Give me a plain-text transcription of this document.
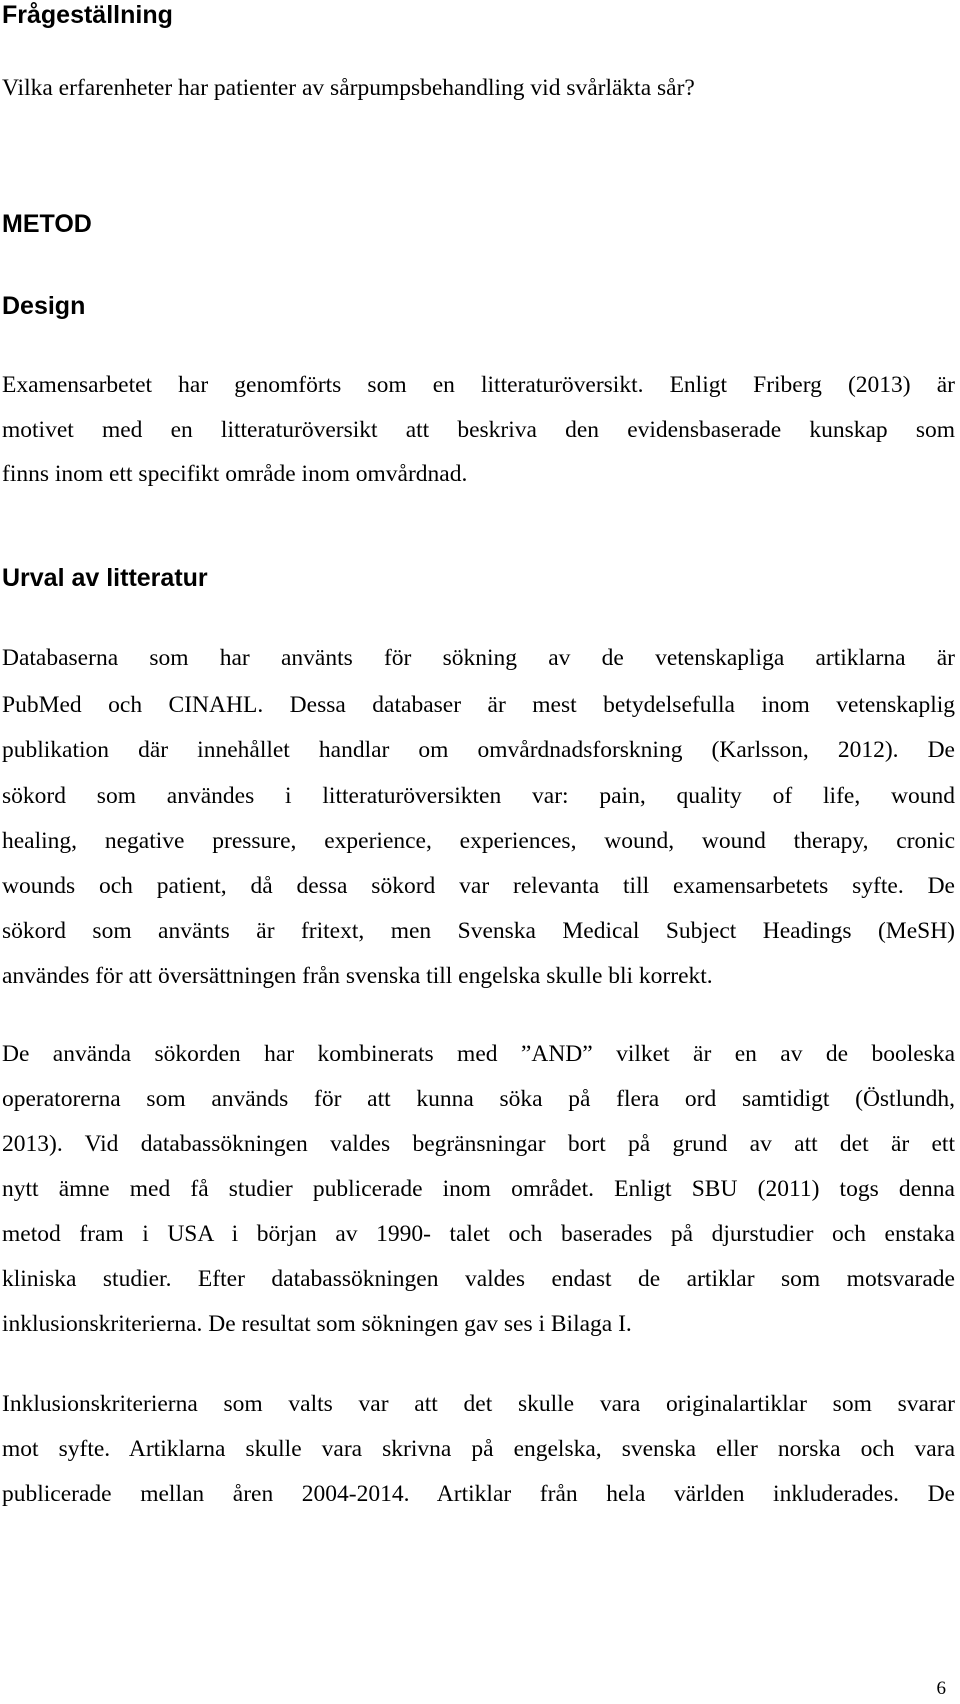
Frågeställning

Vilka erfarenheter har patienter av sårpumpsbehandling vid svårläkta sår?

METOD
Design

Examensarbetet har genomförts som en litteraturöversikt. Enligt Friberg (2013) är

motivet med en litteraturöversikt att beskriva den evidensbaserade kunskap som

finns inom ett specifikt område inom omvårdnad.

Urval av litteratur

Databaserna som har använts för sökning av de vetenskapliga artiklarna är

PubMed och CINAHL. Dessa databaser är mest betydelsefulla inom vetenskaplig

publikation där innehållet handlar om omvårdnadsforskning (Karlsson, 2012). De

sökord som användes i litteraturöversikten var: pain, quality of life, wound

healing, negative pressure, experience, experiences, wound, wound therapy, cronic

wounds och patient, då dessa sökord var relevanta till examensarbetets syfte. De

sökord som använts är fritext, men Svenska Medical Subject Headings (MeSH)

användes för att översättningen från svenska till engelska skulle bli korrekt.

De använda sökorden har kombinerats med ”AND” vilket är en av de booleska

operatorerna som används för att kunna söka på flera ord samtidigt (Östlundh,

2013). Vid databassökningen valdes begränsningar bort på grund av att det är ett

nytt ämne med få studier publicerade inom området. Enligt SBU (2011) togs denna

metod fram i USA i början av 1990- talet och baserades på djurstudier och enstaka

kliniska studier. Efter databassökningen valdes endast de artiklar som motsvarade

inklusionskriterierna. De resultat som sökningen gav ses i Bilaga I.

Inklusionskriterierna som valts var att det skulle vara originalartiklar som svarar

mot syfte. Artiklarna skulle vara skrivna på engelska, svenska eller norska och vara

publicerade mellan åren 2004-2014. Artiklar från hela världen inkluderades. De

6
